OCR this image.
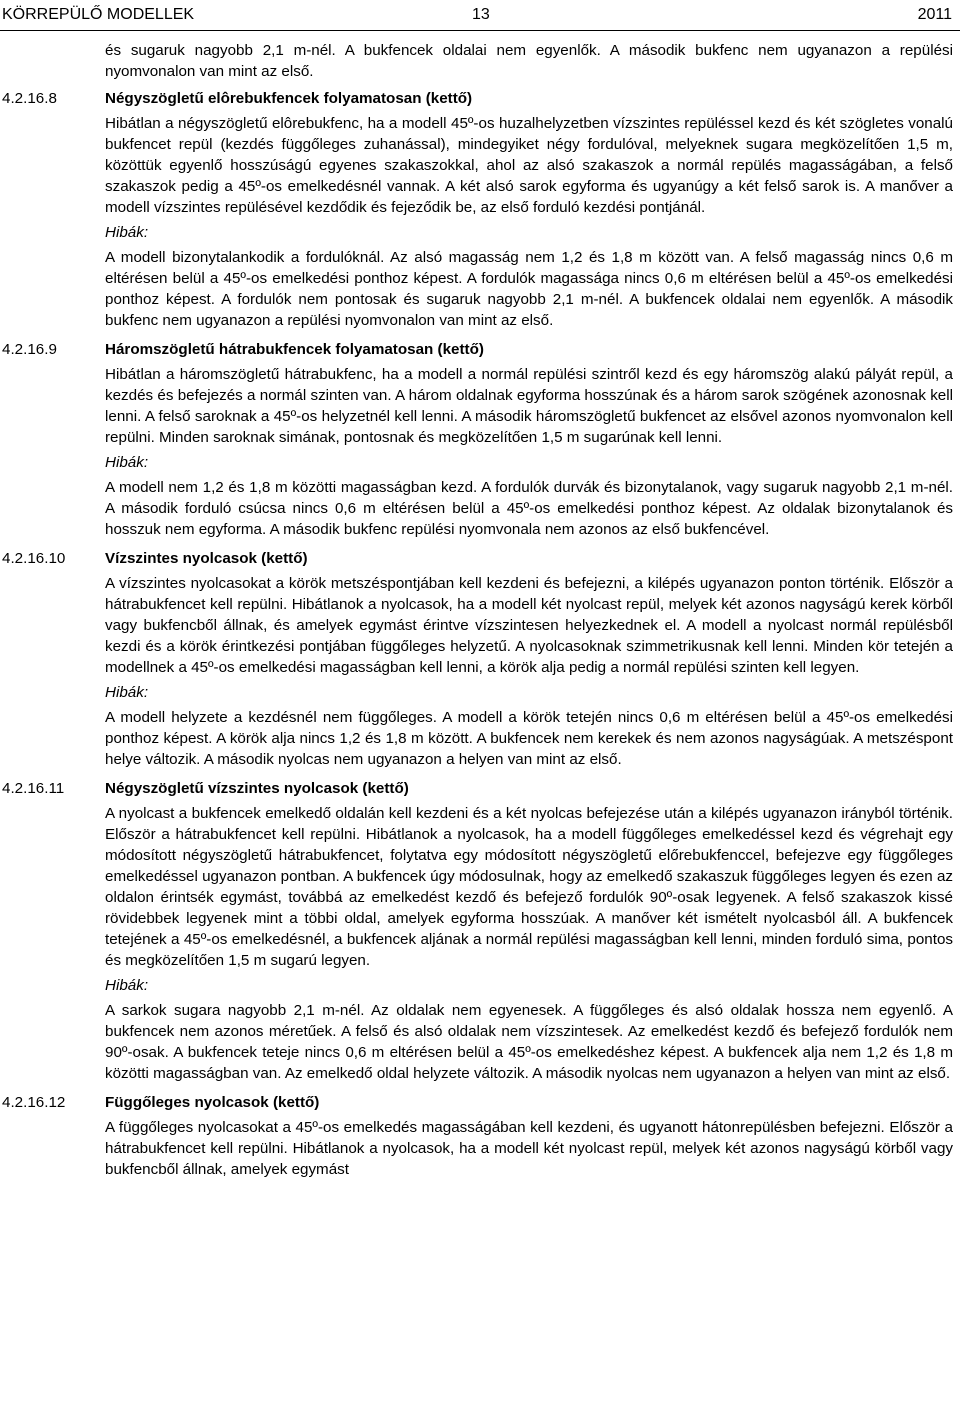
KÖRREPÜLŐ MODELLEK	13	2011
és sugaruk nagyobb 2,1 m-nél. A bukfencek oldalai nem egyenlők. A második bukfenc nem ugyanazon a repülési nyomvonalon van mint az első.
4.2.16.8	Négyszögletű elôrebukfencek folyamatosan (kettő)
Hibátlan a négyszögletű elôrebukfenc, ha a modell 45º-os huzalhelyzetben vízszintes repüléssel kezd és két szögletes vonalú bukfencet repül (kezdés függőleges zuhanással), mindegyiket négy fordulóval, melyeknek sugara megközelítően 1,5 m, közöttük egyenlő hosszúságú egyenes szakaszokkal, ahol az alsó szakaszok a normál repülés magasságában, a felső szakaszok pedig a 45º-os emelkedésnél vannak. A két alsó sarok egyforma és ugyanúgy a két felső sarok is. A manőver a modell vízszintes repülésével kezdődik és fejeződik be, az első forduló kezdési pontjánál.
Hibák:
A modell bizonytalankodik a fordulóknál. Az alsó magasság nem 1,2 és 1,8 m között van. A felső magasság nincs 0,6 m eltérésen belül a 45º-os emelkedési ponthoz képest. A fordulók magassága nincs 0,6 m eltérésen belül a 45º-os emelkedési ponthoz képest. A fordulók nem pontosak és sugaruk nagyobb 2,1 m-nél. A bukfencek oldalai nem egyenlők. A második bukfenc nem ugyanazon a repülési nyomvonalon van mint az első.
4.2.16.9	Háromszögletű hátrabukfencek folyamatosan (kettő)
Hibátlan a háromszögletű hátrabukfenc, ha a modell a normál repülési szintről kezd és egy háromszög alakú pályát repül, a kezdés és befejezés a normál szinten van. A három oldalnak egyforma hosszúnak és a három sarok szögének azonosnak kell lenni. A felső saroknak a 45º-os helyzetnél kell lenni. A második háromszögletű bukfencet az elsővel azonos nyomvonalon kell repülni. Minden saroknak simának, pontosnak és megközelítően 1,5 m sugarúnak kell lenni.
Hibák:
A modell nem 1,2 és 1,8 m közötti magasságban kezd. A fordulók durvák és bizonytalanok, vagy sugaruk nagyobb 2,1 m-nél. A második forduló csúcsa nincs 0,6 m eltérésen belül a 45º-os emelkedési ponthoz képest. Az oldalak bizonytalanok és hosszuk nem egyforma. A második bukfenc repülési nyomvonala nem azonos az első bukfencével.
4.2.16.10	Vízszintes nyolcasok (kettő)
A vízszintes nyolcasokat a körök metszéspontjában kell kezdeni és befejezni, a kilépés ugyanazon ponton történik. Először a hátrabukfencet kell repülni. Hibátlanok a nyolcasok, ha a modell két nyolcast repül, melyek két azonos nagyságú kerek körből vagy bukfencből állnak, és amelyek egymást érintve vízszintesen helyezkednek el. A modell a nyolcast normál repülésből kezdi és a körök érintkezési pontjában függőleges helyzetű. A nyolcasoknak szimmetrikusnak kell lenni. Minden kör tetején a modellnek a 45º-os emelkedési magasságban kell lenni, a körök alja pedig a normál repülési szinten kell legyen.
Hibák:
A modell helyzete a kezdésnél nem függőleges. A modell a körök tetején nincs 0,6 m eltérésen belül a 45º-os emelkedési ponthoz képest. A körök alja nincs 1,2 és 1,8 m között. A bukfencek nem kerekek és nem azonos nagyságúak. A metszéspont helye változik. A második nyolcas nem ugyanazon a helyen van mint az első.
4.2.16.11	Négyszögletű vízszintes nyolcasok (kettő)
A nyolcast a bukfencek emelkedő oldalán kell kezdeni és a két nyolcas befejezése után a kilépés ugyanazon irányból történik. Először a hátrabukfencet kell repülni. Hibátlanok a nyolcasok, ha a modell függőleges emelkedéssel kezd és végrehajt egy módosított négyszögletű hátrabukfencet, folytatva egy módosított négyszögletű előrebukfenccel, befejezve egy függőleges emelkedéssel ugyanazon pontban. A bukfencek úgy módosulnak, hogy az emelkedő szakaszuk függőleges legyen és ezen az oldalon érintsék egymást, továbbá az emelkedést kezdő és befejező fordulók 90º-osak legyenek. A felső szakaszok kissé rövidebbek legyenek mint a többi oldal, amelyek egyforma hosszúak. A manőver két ismételt nyolcasból áll. A bukfencek tetejének a 45º-os emelkedésnél, a bukfencek aljának a normál repülési magasságban kell lenni, minden forduló sima, pontos és megközelítően 1,5 m sugarú legyen.
Hibák:
A sarkok sugara nagyobb 2,1 m-nél. Az oldalak nem egyenesek. A függőleges és alsó oldalak hossza nem egyenlő. A bukfencek nem azonos méretűek. A felső és alsó oldalak nem vízszintesek. Az emelkedést kezdő és befejező fordulók nem 90º-osak. A bukfencek teteje nincs 0,6 m eltérésen belül a 45º-os emelkedéshez képest. A bukfencek alja nem 1,2 és 1,8 m közötti magasságban van. Az emelkedő oldal helyzete változik. A második nyolcas nem ugyanazon a helyen van mint az első.
4.2.16.12	Függőleges nyolcasok (kettő)
A függőleges nyolcasokat a 45º-os emelkedés magasságában kell kezdeni, és ugyanott hátonrepülésben befejezni. Először a hátrabukfencet kell repülni. Hibátlanok a nyolcasok, ha a modell két nyolcast repül, melyek két azonos nagyságú körből vagy bukfencből állnak, amelyek egymást
